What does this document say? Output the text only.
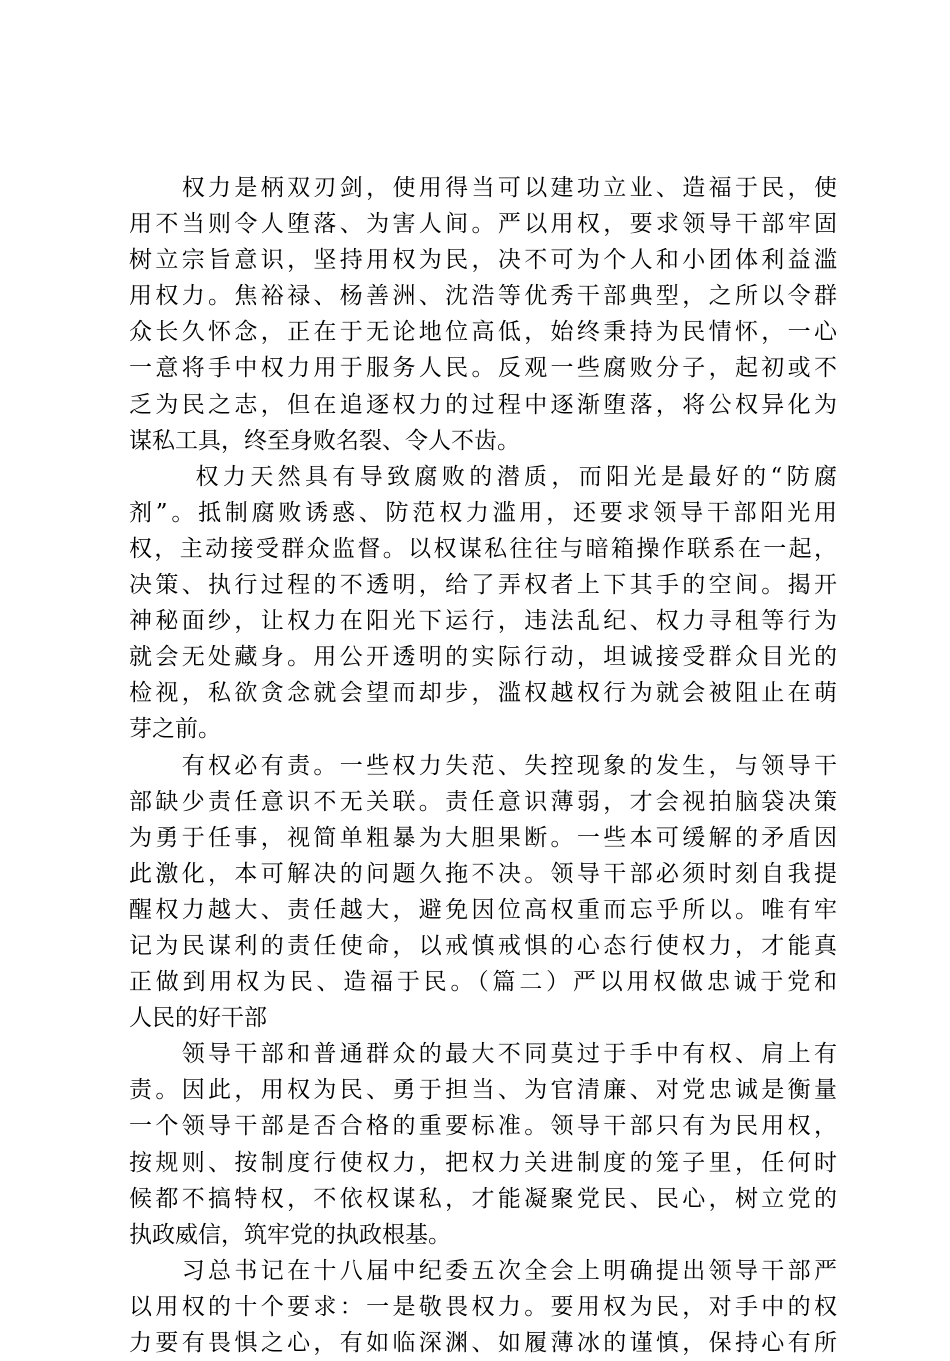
　　权力是柄双刃剑，使用得当可以建功立业、造福于民，使
用不当则令人堕落、为害人间。严以用权，要求领导干部牢固
树立宗旨意识，坚持用权为民，决不可为个人和小团体利益滥
用权力。焦裕禄、杨善洲、沈浩等优秀干部典型，之所以令群
众长久怀念，正在于无论地位高低，始终秉持为民情怀，一心
一意将手中权力用于服务人民。反观一些腐败分子，起初或不
乏为民之志，但在追逐权力的过程中逐渐堕落，将公权异化为
谋私工具，终至身败名裂、令人不齿。
　　 权力天然具有导致腐败的潜质，而阳光是最好的“防腐
剂”。抵制腐败诱惑、防范权力滥用，还要求领导干部阳光用
权，主动接受群众监督。以权谋私往往与暗箱操作联系在一起，
决策、执行过程的不透明，给了弄权者上下其手的空间。揭开
神秘面纱，让权力在阳光下运行，违法乱纪、权力寻租等行为
就会无处藏身。用公开透明的实际行动，坦诚接受群众目光的
检视，私欲贪念就会望而却步，滥权越权行为就会被阻止在萌
芽之前。
　　有权必有责。一些权力失范、失控现象的发生，与领导干
部缺少责任意识不无关联。责任意识薄弱，才会视拍脑袋决策
为勇于任事，视简单粗暴为大胆果断。一些本可缓解的矛盾因
此激化，本可解决的问题久拖不决。领导干部必须时刻自我提
醒权力越大、责任越大，避免因位高权重而忘乎所以。唯有牢
记为民谋利的责任使命，以戒慎戒惧的心态行使权力，才能真
正做到用权为民、造福于民。（篇二）严以用权做忠诚于党和
人民的好干部
　　领导干部和普通群众的最大不同莫过于手中有权、肩上有
责。因此，用权为民、勇于担当、为官清廉、对党忠诚是衡量
一个领导干部是否合格的重要标准。领导干部只有为民用权，
按规则、按制度行使权力，把权力关进制度的笼子里，任何时
候都不搞特权，不依权谋私，才能凝聚党民、民心，树立党的
执政威信，筑牢党的执政根基。
　　习总书记在十八届中纪委五次全会上明确提出领导干部严
以用权的十个要求：一是敬畏权力。要用权为民，对手中的权
力要有畏惧之心，有如临深渊、如履薄冰的谨慎，保持心有所
